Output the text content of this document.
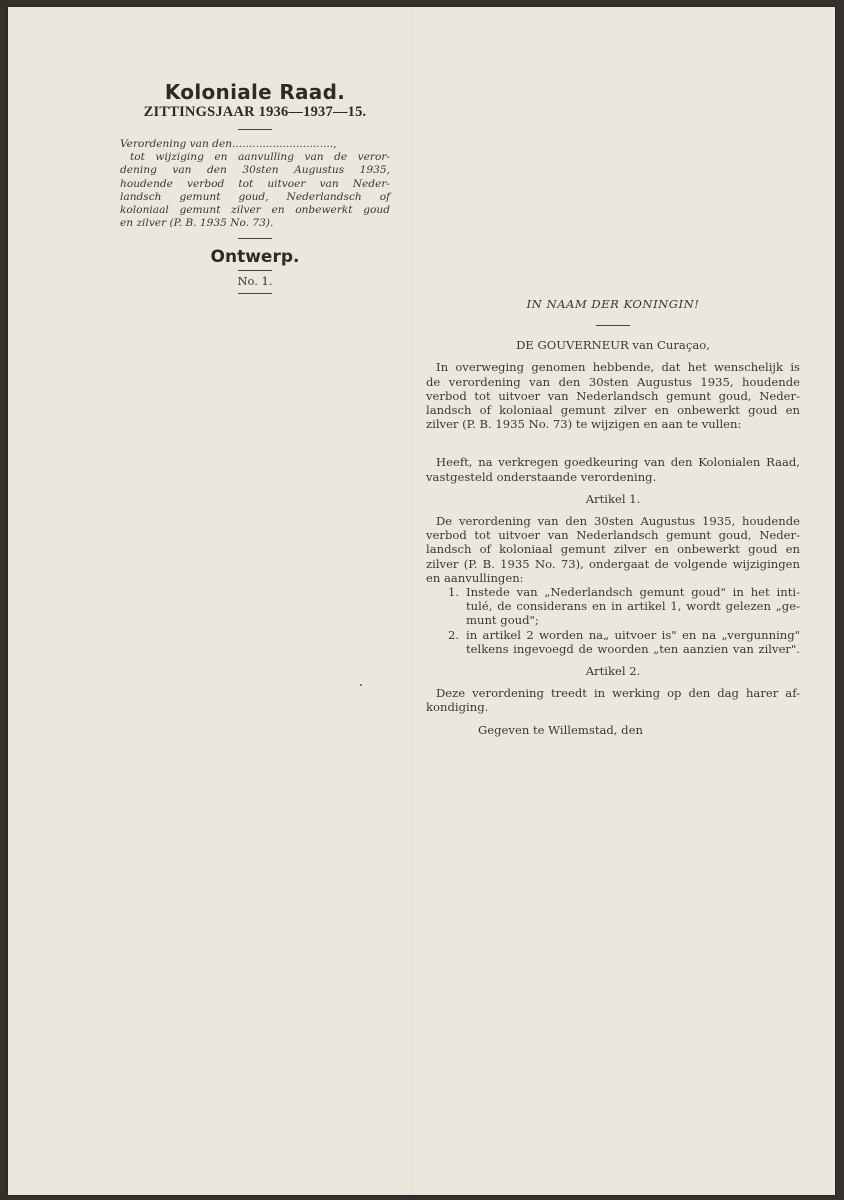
Koloniale Raad.
ZITTINGSJAAR 1936—1937—15.
Verordening van den..............................,
tot wijziging en aanvulling van de veror-
dening van den 30sten Augustus 1935,
houdende verbod tot uitvoer van Neder-
landsch gemunt goud, Nederlandsch of
koloniaal gemunt zilver en onbewerkt goud
en zilver (P. B. 1935 No. 73).
Ontwerp.
No. 1.
IN NAAM DER KONINGIN!
DE GOUVERNEUR van Curaçao,

In overweging genomen hebbende, dat het wenschelijk is
de verordening van den 30sten Augustus 1935, houdende
verbod tot uitvoer van Nederlandsch gemunt goud, Neder-
landsch of koloniaal gemunt zilver en onbewerkt goud en
zilver (P. B. 1935 No. 73) te wijzigen en aan te vullen:

Heeft, na verkregen goedkeuring van den Kolonialen Raad,
vastgesteld onderstaande verordening.

Artikel 1.

De verordening van den 30sten Augustus 1935, houdende
verbod tot uitvoer van Nederlandsch gemunt goud, Neder-
landsch of koloniaal gemunt zilver en onbewerkt goud en
zilver (P. B. 1935 No. 73), ondergaat de volgende wijzigingen
en aanvullingen:

1. Instede van „Nederlandsch gemunt goud" in het inti-
tulé, de considerans en in artikel 1, wordt gelezen „ge-
munt goud";
2. in artikel 2 worden na„ uitvoer is" en na „vergunning"
telkens ingevoegd de woorden „ten aanzien van zilver".
Artikel 2.

Deze verordening treedt in werking op den dag harer af-
kondiging.

Gegeven te Willemstad, den
